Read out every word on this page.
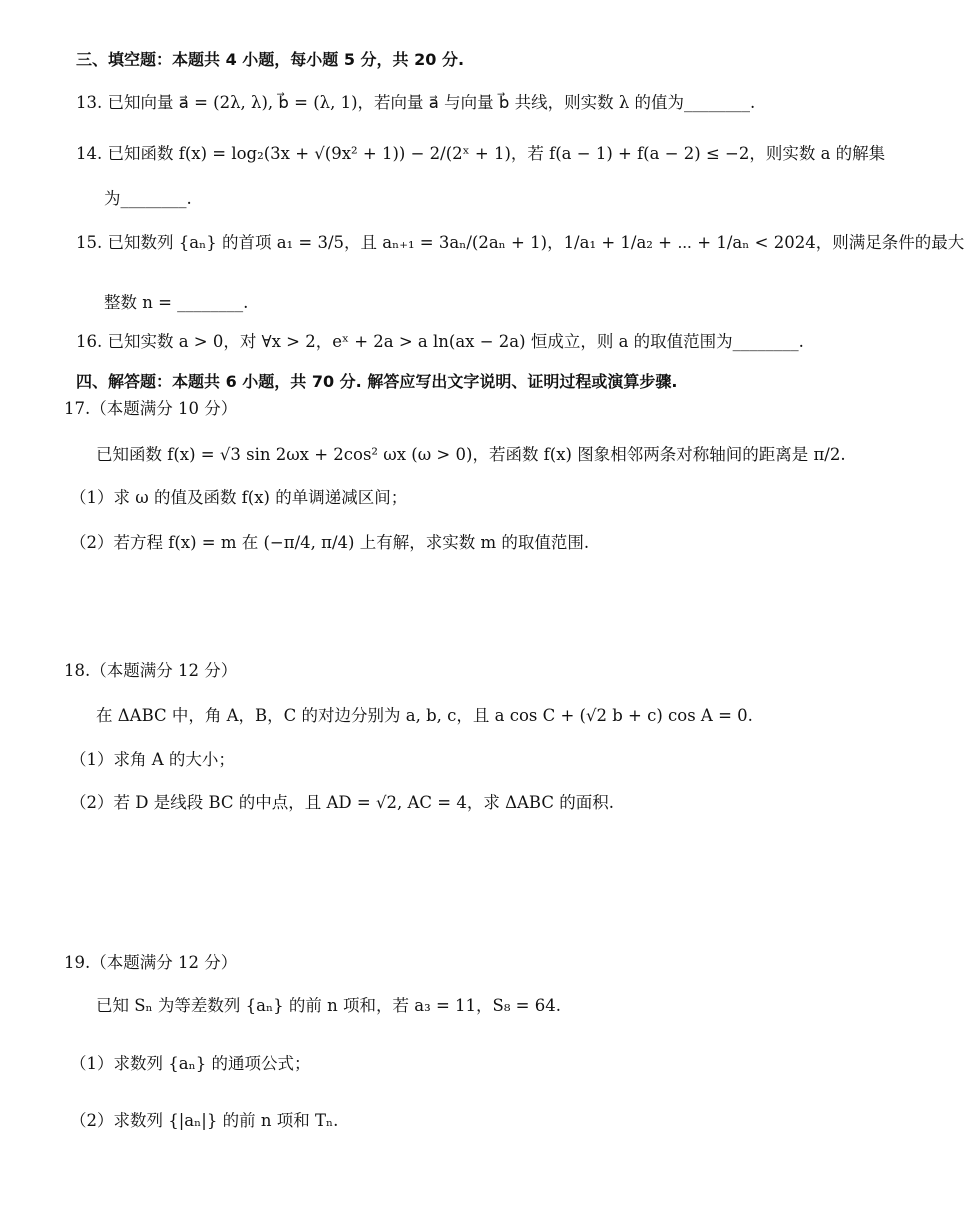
三、填空题：本题共 4 小题，每小题 5 分，共 20 分.
13. 已知向量 a⃗ = (2λ, λ), b⃗ = (λ, 1)，若向量 a⃗ 与向量 b⃗ 共线，则实数 λ 的值为________.
14. 已知函数 f(x) = log₂(3x + √(9x² + 1)) − 2/(2ˣ + 1)，若 f(a − 1) + f(a − 2) ≤ −2，则实数 a 的解集
为________.
15. 已知数列 {aₙ} 的首项 a₁ = 3/5，且 aₙ₊₁ = 3aₙ/(2aₙ + 1)，1/a₁ + 1/a₂ + ⋯ + 1/aₙ < 2024，则满足条件的最大
整数 n = ________.
16. 已知实数 a > 0，对 ∀x > 2，eˣ + 2a > a ln(ax − 2a) 恒成立，则 a 的取值范围为________.
四、解答题：本题共 6 小题，共 70 分. 解答应写出文字说明、证明过程或演算步骤.
17.（本题满分 10 分）
已知函数 f(x) = √3 sin 2ωx + 2cos² ωx (ω > 0)，若函数 f(x) 图象相邻两条对称轴间的距离是 π/2.
（1）求 ω 的值及函数 f(x) 的单调递减区间；
（2）若方程 f(x) = m 在 (−π/4, π/4) 上有解，求实数 m 的取值范围.
18.（本题满分 12 分）
在 ΔABC 中，角 A，B，C 的对边分别为 a, b, c，且 a cos C + (√2 b + c) cos A = 0.
（1）求角 A 的大小；
（2）若 D 是线段 BC 的中点，且 AD = √2, AC = 4，求 ΔABC 的面积.
19.（本题满分 12 分）
已知 Sₙ 为等差数列 {aₙ} 的前 n 项和，若 a₃ = 11，S₈ = 64.
（1）求数列 {aₙ} 的通项公式；
（2）求数列 {|aₙ|} 的前 n 项和 Tₙ.
